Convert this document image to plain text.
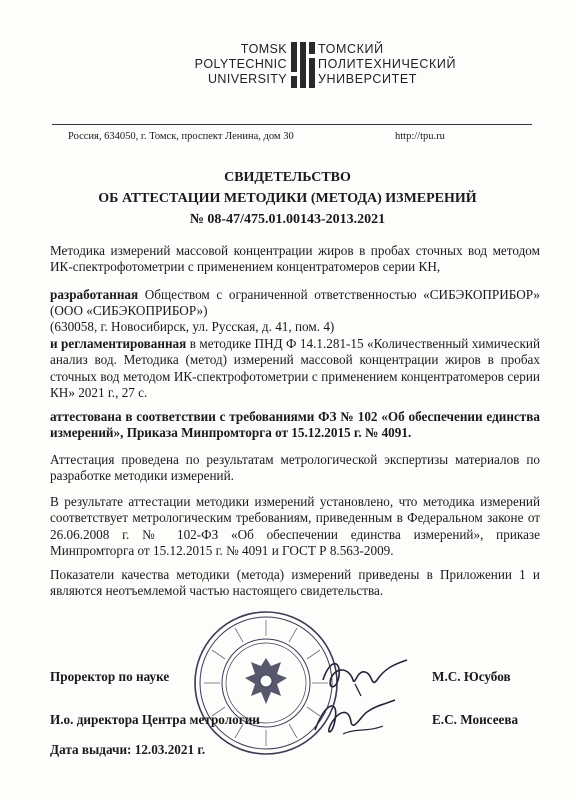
TOMSK
POLYTECHNIC
UNIVERSITY
ТОМСКИЙ
ПОЛИТЕХНИЧЕСКИЙ
УНИВЕРСИТЕТ
Россия, 634050, г. Томск, проспект Ленина, дом 30	http://tpu.ru
СВИДЕТЕЛЬСТВО
ОБ АТТЕСТАЦИИ МЕТОДИКИ (МЕТОДА) ИЗМЕРЕНИЙ
№ 08-47/475.01.00143-2013.2021
Методика измерений массовой концентрации жиров в пробах сточных вод методом ИК-спектрофотометрии с применением концентратомеров серии КН,
разработанная Обществом с ограниченной ответственностью «СИБЭКОПРИБОР» (ООО «СИБЭКОПРИБОР»)
(630058, г. Новосибирск, ул. Русская, д. 41, пом. 4)
и регламентированная в методике ПНД Ф 14.1.281-15 «Количественный химический анализ вод. Методика (метод) измерений массовой концентрации жиров в пробах сточных вод методом ИК-спектрофотометрии с применением концентратомеров серии КН» 2021 г., 27 с.
аттестована в соответствии с требованиями ФЗ № 102 «Об обеспечении единства измерений», Приказа Минпромторга от 15.12.2015 г. № 4091.
Аттестация проведена по результатам метрологической экспертизы материалов по разработке методики измерений.
В результате аттестации методики измерений установлено, что методика измерений соответствует метрологическим требованиям, приведенным в Федеральном законе от 26.06.2008 г. № 102-ФЗ «Об обеспечении единства измерений», приказе Минпромторга от 15.12.2015 г. № 4091 и ГОСТ Р 8.563-2009.
Показатели качества методики (метода) измерений приведены в Приложении 1 и являются неотъемлемой частью настоящего свидетельства.
Проректор по науке	М.С. Юсубов
И.о. директора Центра метрологии	Е.С. Моисеева
Дата выдачи: 12.03.2021 г.
